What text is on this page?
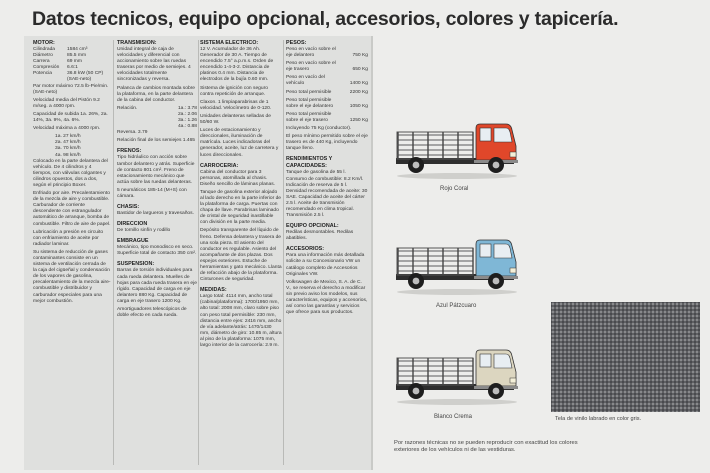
Datos tecnicos, equipo opcional, accesorios, colores y tapicería.
MOTOR:
Cilindrada	1584 cm³
Diámetro	85.5 mm
Carrera	69 mm
Compresión	6.6:1
Potencia	36.8 kW (50 CP) (SAE-neto)

Par motor máximo 72.5 lb-Pie/min. (SAE-neto)

Velocidad media del Pistón 9.2 m/seg. a 4000 rpm.

Capacidad de subida 1a. 26%, 2a. 14%, 3a. 9%, 4a. 6%.

Velocidad máxima a 4000 rpm.

1a. 27 km/h
2a. 47 km/h
3a. 70 km/h
4a. 98 km/h

Colocado en la parte delantera del vehículo. De 4 cilindros y 4 tiempos, con válvulas colgantes y cilindros opuestos, dos a dos, según el principio Boxer.

Enfriado por aire. Precalentamiento de la mezcla de aire y combustible. Carburador de corriente descendente con estrangulador automático de arranque, bomba de combustible. Filtro de aire de papel.

Lubricación a presión en circuito con enfriamiento de aceite por radiador laminar.

Su sistema de reducción de gases contaminantes consiste en un sistema de ventilación cerrada de la caja del cigüeñal y condensación de los vapores de gasolina, precalentamiento de la mezcla aire-combustible y distribuidor y carburador especiales para una mejor combustión.

TRANSMISION:

Unidad integral de caja de velocidades y diferencial con accionamiento sobre las ruedas traseras por medio de semiejes. 4 velocidades totalmente sincronizadas y reversa.

Palanca de cambios montada sobre la plataforma, en la parte delantera de la cabina del conductor.

Relación.	1a.: 3.78
2a.: 2.06
3a.: 1.26
4a.: 0.88

Reversa. 3.79

Relación final de los semiejes 1.465

FRENOS:

Tipo hidráulico con acción sobre tambor delantero y atrás. Superficie de contacto 801 cm². Freno de estacionamiento mecánico que actúa sobre las ruedas delanteras.

5 neumáticos 185-14 (M+S) con cámara.

CHASIS:

Bastidor de largueros y travesaños.

DIRECCION

De tornillo sinfín y rodillo

EMBRAGUE

Mecánico, tipo monodisco en seco. Superficie total de contacto 350 cm².

SUSPENSION:

Barras de torsión individuales para cada rueda delantera. Muelles de hojas para cada rueda trasera en eje rígido. Capacidad de carga en eje delantero 880 Kg. Capacidad de carga en eje trasero 1200 Kg.

Amortiguadores telescópicos de doble efecto en cada rueda.

SISTEMA ELECTRICO:

12 V. Acumulador de 36 Ah. Generador de 30 A. Tiempo de encendido 7.5° a.p.m.s. Orden de encendido 1-4-3-2. Distancia de platinos 0.4 mm. Distancia de electrodos de la bujía 0.60 mm.

Sistema de ignición con seguro contra repetición de arranque.

Claxon. 1 limpiaparabrisas de 1 velocidad. Velocímetro de 0-120.

Unidades delanteras selladas de 50/60 W.

Luces de estacionamiento y direccionales, iluminación de matrícula. Luces indicadoras del generador, aceite, luz de carretera y luces direccionales.

CARROCERIA:

Cabina del conductor para 3 personas, atornillada al chasis. Diseño sencillo de láminas planas.

Tanque de gasolina exterior alojado al lado derecho en la parte inferior de la plataforma de carga. Puertas con chapa de llave. Parabrisas laminado de cristal de seguridad inastillable con división en la parte media.

Depósito transparente del líquido de freno. Defensa delantera y trasera de una sola pieza. El asiento del conductor es regulable. Asiento del acompañante de dos plazas. Dos espejos exteriores. Estuche de herramientas y gato mecánico. Llanta de refacción abajo de la plataforma. Cinturones de seguridad.

MEDIDAS:

Largo total: 4114 mm, ancho total (cabina/plataforma): 1700/1950 mm, alto total: 2008 mm, claro sobre piso con peso total permisible: 230 mm, distancia entre ejes: 2416 mm, ancho de vía adelante/atrás: 1470/1430 mm, diámetro de giro: 10.85 m, altura al piso de la plataforma: 1075 mm, largo interior de la carrocería: 2.9 m.

PESOS:
Peso en vacío sobre el eje delantero	750 Kg
Peso en vacío sobre el eje trasero	650 Kg
Peso en vacío del vehículo	1400 Kg
Peso total permisible	2200 Kg
Peso total permisible sobre el eje delantero	1050 Kg
Peso total permisible sobre el eje trasero	1250 Kg

Incluyendo 75 Kg (conductor).

El peso mínimo permitido sobre el eje trasero es de 440 Kg, incluyendo tanque lleno.

RENDIMIENTOS Y CAPACIDADES:

Tanque de gasolina de 55 l. Consumo de combustible: 8.2 Km/l. Indicación de reserva de 5 l. Densidad recomendada de aceite: 30 SAE. Capacidad de aceite del cárter 2.5 l. Aceite de transmisión recomendado en clima tropical. Transmisión 2.5 l.

EQUIPO OPCIONAL:

Redilas desmontables. Redilas abatibles.

ACCESORIOS:

Para una información más detallada solicite a su Concesionario VW un catálogo completo de Accesorios Originales VW.

Volkswagen de Mexico, S. A. de C. V., se reserva el derecho a modificar sin previo aviso los modelos, sus características, equipos y accesorios, así como las garantías y servicios que ofrece para sus productos.

Rojo Coral
Azul Pátzcuaro
Blanco Crema	Tela de vinilo labrado en color gris.
Por razones técnicas no se pueden reproducir con exactitud los colores exteriores de los vehículos ni de las vestiduras.
